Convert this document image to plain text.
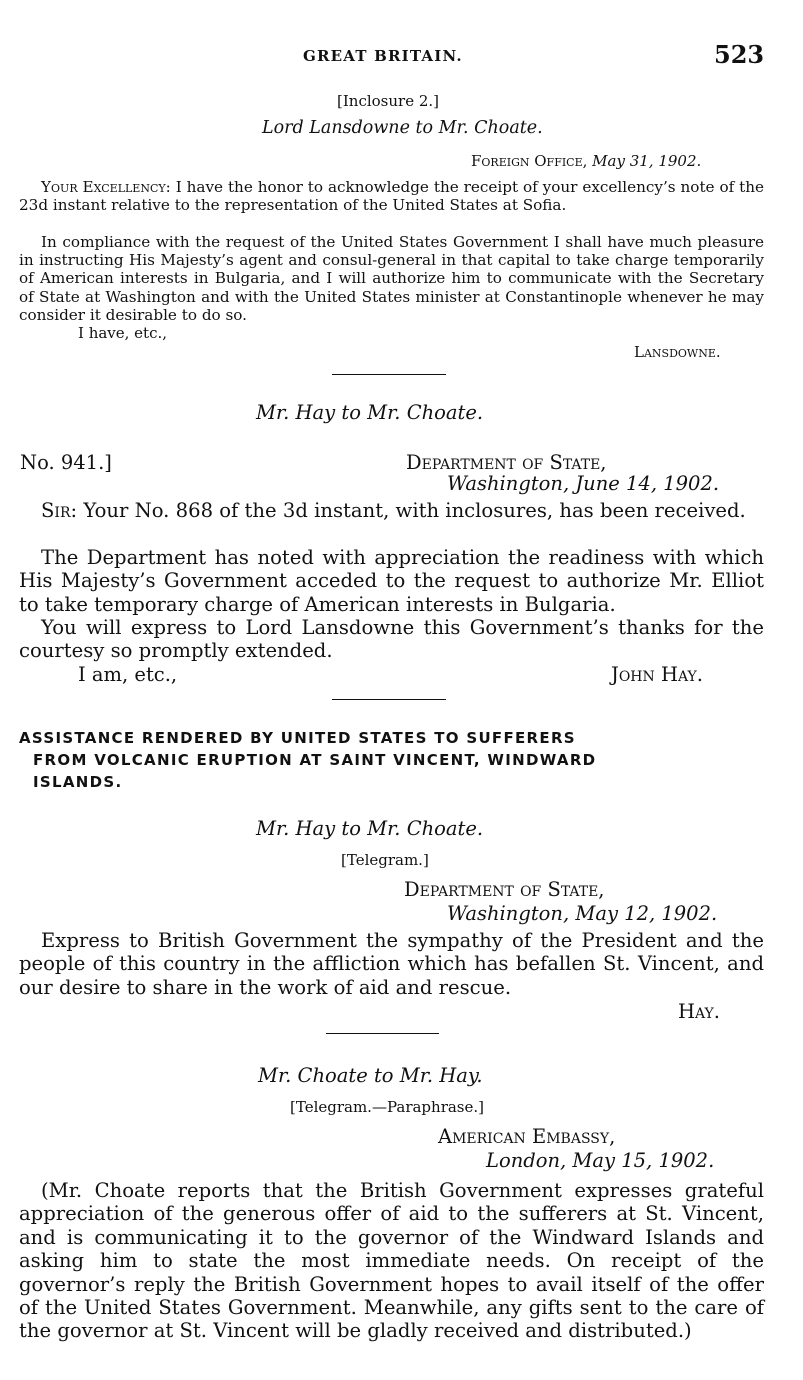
GREAT BRITAIN.	523
[Inclosure 2.]
Lord Lansdowne to Mr. Choate.
Foreign Office, May 31, 1902.
Your Excellency: I have the honor to acknowledge the receipt of your excellency’s note of the 23d instant relative to the representation of the United States at Sofia.
In compliance with the request of the United States Government I shall have much pleasure in instructing His Majesty’s agent and consul-general in that capital to take charge temporarily of American interests in Bulgaria, and I will authorize him to communicate with the Secretary of State at Washington and with the United States minister at Constantinople whenever he may consider it desirable to do so.
I have, etc.,
Lansdowne.
Mr. Hay to Mr. Choate.
No. 941.]	Department of State,
Washington, June 14, 1902.
Sir: Your No. 868 of the 3d instant, with inclosures, has been received.
The Department has noted with appreciation the readiness with which His Majesty’s Government acceded to the request to authorize Mr. Elliot to take temporary charge of American interests in Bulgaria.
You will express to Lord Lansdowne this Government’s thanks for the courtesy so promptly extended.
I am, etc.,	John Hay.
ASSISTANCE RENDERED BY UNITED STATES TO SUFFERERS
FROM VOLCANIC ERUPTION AT SAINT VINCENT, WINDWARD
ISLANDS.
Mr. Hay to Mr. Choate.
[Telegram.]
Department of State,
Washington, May 12, 1902.
Express to British Government the sympathy of the President and the people of this country in the affliction which has befallen St. Vincent, and our desire to share in the work of aid and rescue.
Hay.
Mr. Choate to Mr. Hay.
[Telegram.—Paraphrase.]
American Embassy,
London, May 15, 1902.
(Mr. Choate reports that the British Government expresses grateful appreciation of the generous offer of aid to the sufferers at St. Vincent, and is communicating it to the governor of the Windward Islands and asking him to state the most immediate needs. On receipt of the governor’s reply the British Government hopes to avail itself of the offer of the United States Government. Meanwhile, any gifts sent to the care of the governor at St. Vincent will be gladly received and distributed.)
